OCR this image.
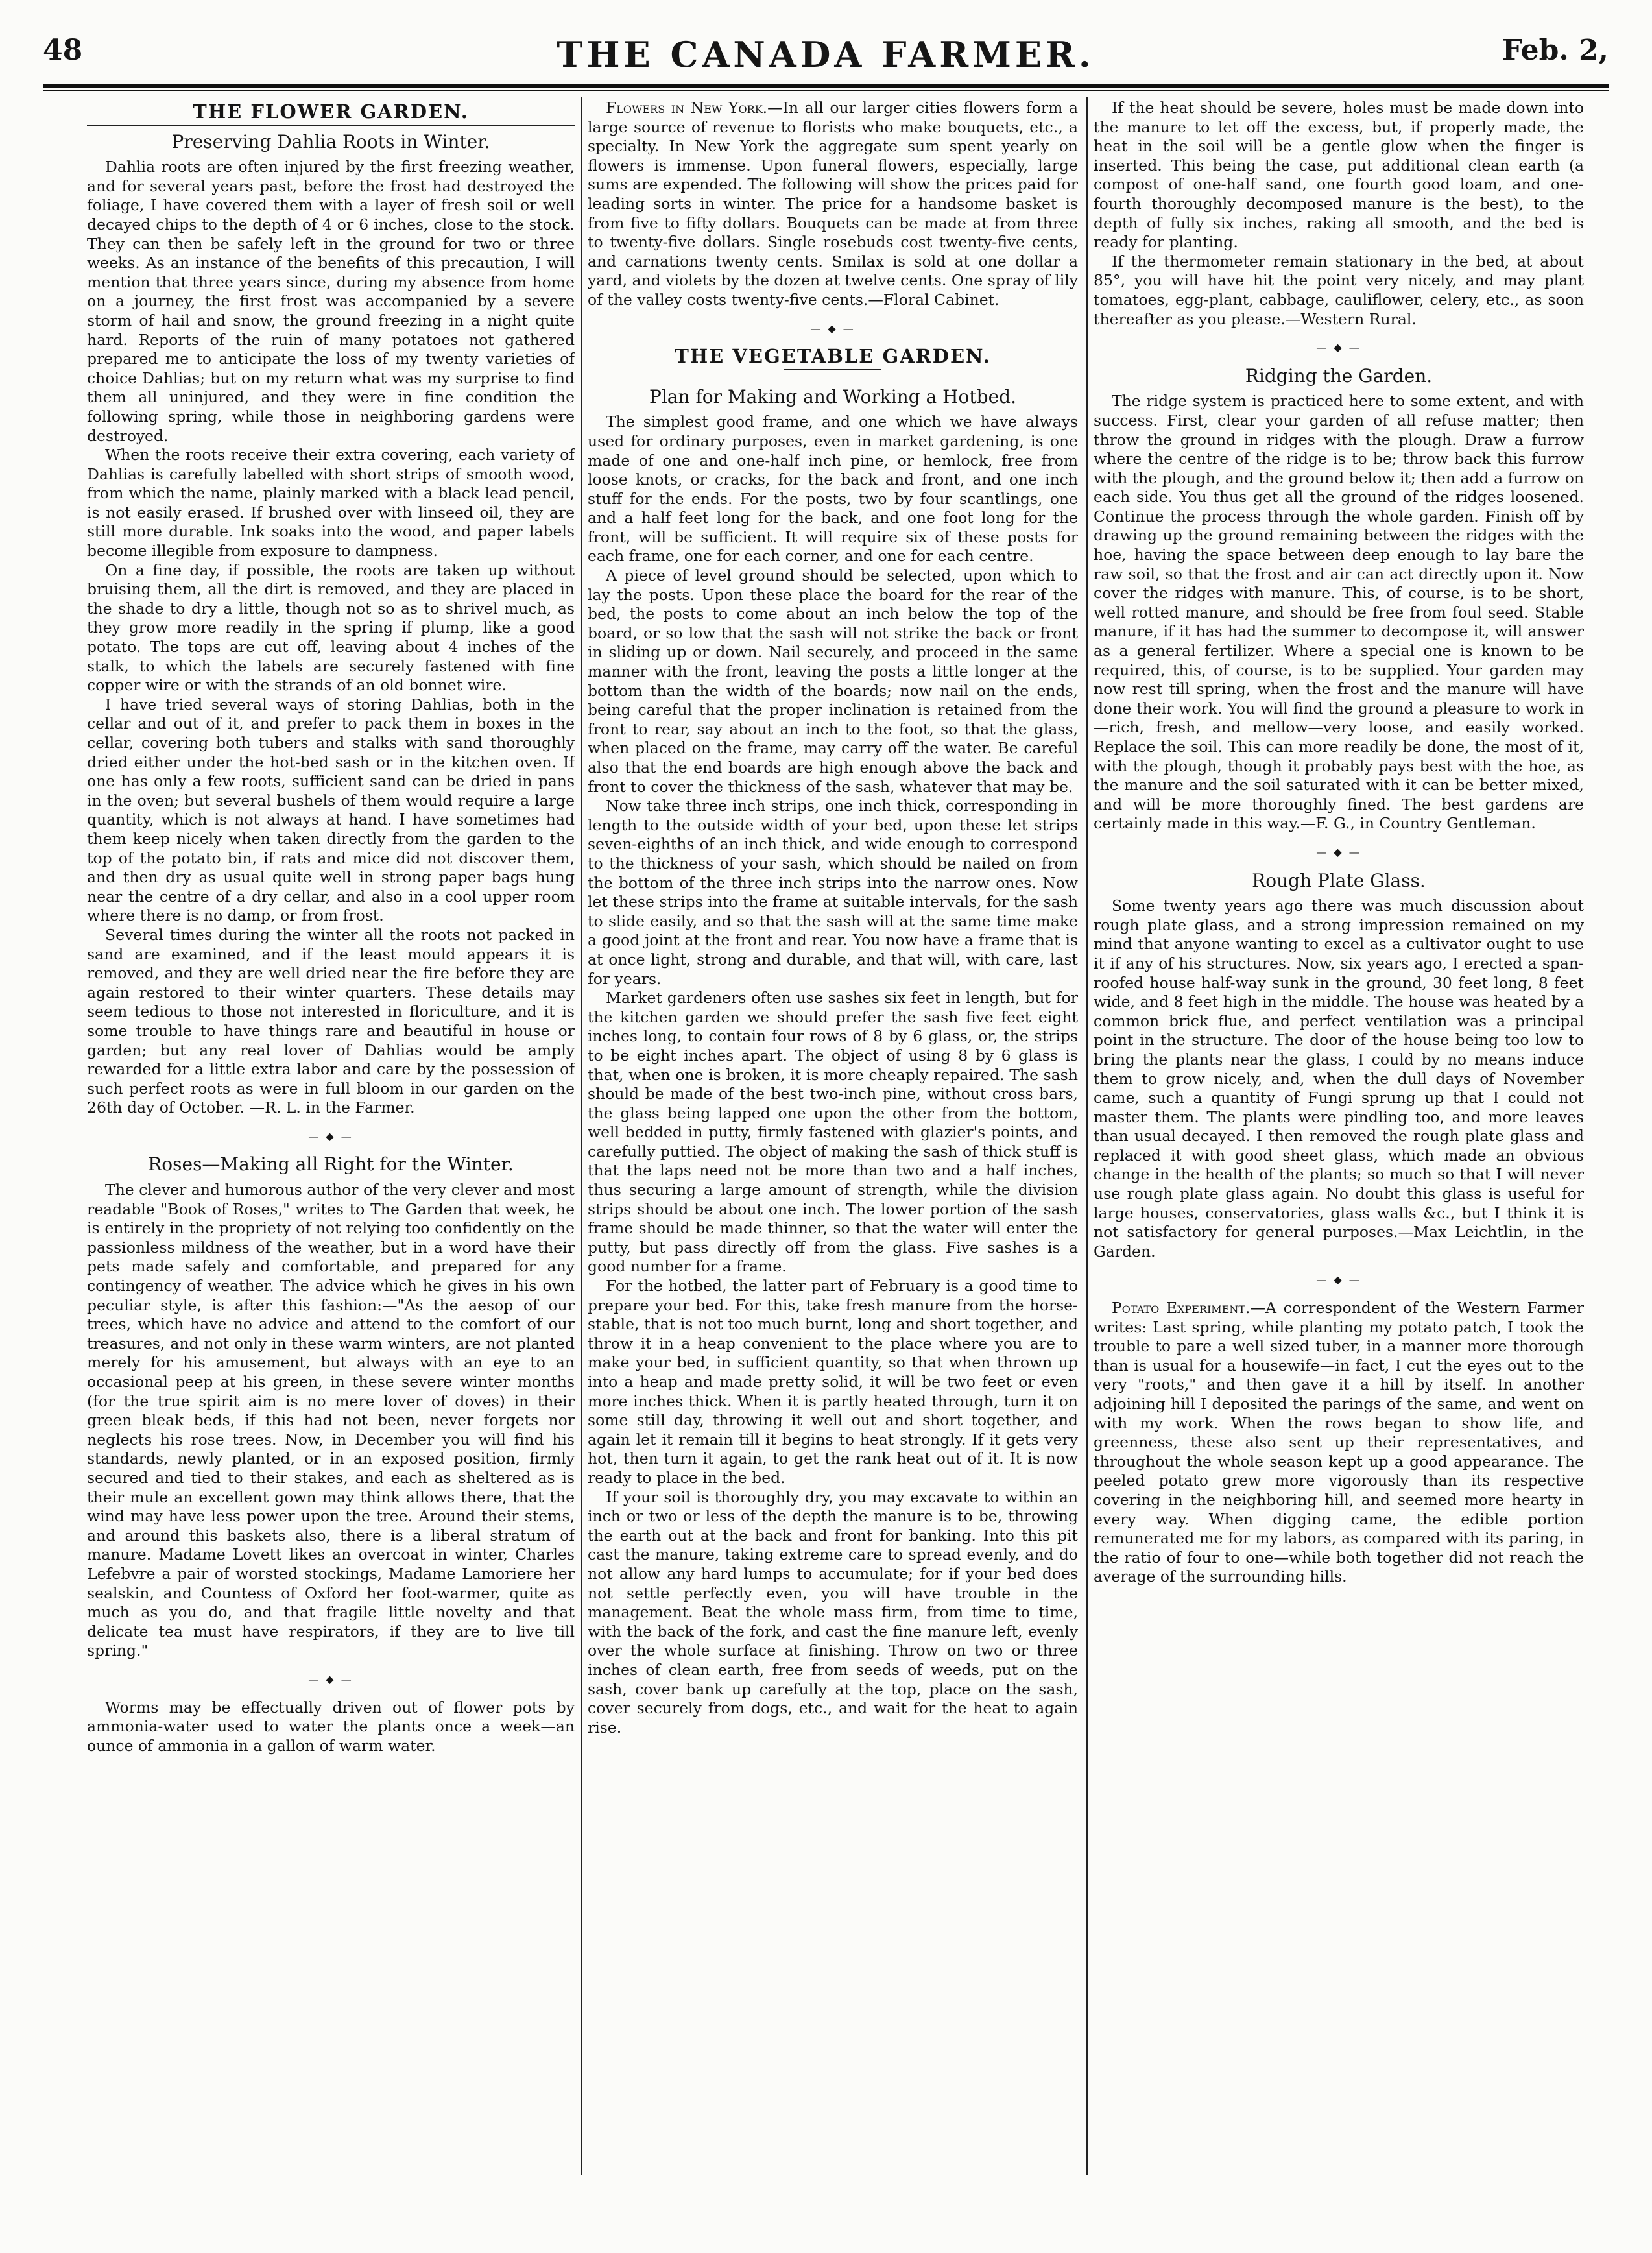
48	THE CANADA FARMER.	Feb. 2,
THE FLOWER GARDEN.
Preserving Dahlia Roots in Winter.

Dahlia roots are often injured by the first freezing weather, and for several years past, before the frost had destroyed the foliage, I have covered them with a layer of fresh soil or well decayed chips to the depth of 4 or 6 inches, close to the stock. They can then be safely left in the ground for two or three weeks. As an instance of the benefits of this precaution, I will mention that three years since, during my absence from home on a journey, the first frost was accompanied by a severe storm of hail and snow, the ground freezing in a night quite hard. Reports of the ruin of many potatoes not gathered prepared me to anticipate the loss of my twenty varieties of choice Dahlias; but on my return what was my surprise to find them all uninjured, and they were in fine condition the following spring, while those in neighboring gardens were destroyed.

When the roots receive their extra covering, each variety of Dahlias is carefully labelled with short strips of smooth wood, from which the name, plainly marked with a black lead pencil, is not easily erased. If brushed over with linseed oil, they are still more durable. Ink soaks into the wood, and paper labels become illegible from exposure to dampness.

On a fine day, if possible, the roots are taken up without bruising them, all the dirt is removed, and they are placed in the shade to dry a little, though not so as to shrivel much, as they grow more readily in the spring if plump, like a good potato. The tops are cut off, leaving about 4 inches of the stalk, to which the labels are securely fastened with fine copper wire or with the strands of an old bonnet wire.

I have tried several ways of storing Dahlias, both in the cellar and out of it, and prefer to pack them in boxes in the cellar, covering both tubers and stalks with sand thoroughly dried either under the hot-bed sash or in the kitchen oven. If one has only a few roots, sufficient sand can be dried in pans in the oven; but several bushels of them would require a large quantity, which is not always at hand. I have sometimes had them keep nicely when taken directly from the garden to the top of the potato bin, if rats and mice did not discover them, and then dry as usual quite well in strong paper bags hung near the centre of a dry cellar, and also in a cool upper room where there is no damp, or from frost.

Several times during the winter all the roots not packed in sand are examined, and if the least mould appears it is removed, and they are well dried near the fire before they are again restored to their winter quarters. These details may seem tedious to those not interested in floriculture, and it is some trouble to have things rare and beautiful in house or garden; but any real lover of Dahlias would be amply rewarded for a little extra labor and care by the possession of such perfect roots as were in full bloom in our garden on the 26th day of October. —R. L. in the Farmer.

— ◆ —
Roses—Making all Right for the Winter.

The clever and humorous author of the very clever and most readable "Book of Roses," writes to The Garden that week, he is entirely in the propriety of not relying too confidently on the passionless mildness of the weather, but in a word have their pets made safely and comfortable, and prepared for any contingency of weather. The advice which he gives in his own peculiar style, is after this fashion:—"As the aesop of our trees, which have no advice and attend to the comfort of our treasures, and not only in these warm winters, are not planted merely for his amusement, but always with an eye to an occasional peep at his green, in these severe winter months (for the true spirit aim is no mere lover of doves) in their green bleak beds, if this had not been, never forgets nor neglects his rose trees. Now, in December you will find his standards, newly planted, or in an exposed position, firmly secured and tied to their stakes, and each as sheltered as is their mule an excellent gown may think allows there, that the wind may have less power upon the tree. Around their stems, and around this baskets also, there is a liberal stratum of manure. Madame Lovett likes an overcoat in winter, Charles Lefebvre a pair of worsted stockings, Madame Lamoriere her sealskin, and Countess of Oxford her foot-warmer, quite as much as you do, and that fragile little novelty and that delicate tea must have respirators, if they are to live till spring."

— ◆ —

Worms may be effectually driven out of flower pots by ammonia-water used to water the plants once a week—an ounce of ammonia in a gallon of warm water.

Flowers in New York.—In all our larger cities flowers form a large source of revenue to florists who make bouquets, etc., a specialty. In New York the aggregate sum spent yearly on flowers is immense. Upon funeral flowers, especially, large sums are expended. The following will show the prices paid for leading sorts in winter. The price for a handsome basket is from five to fifty dollars. Bouquets can be made at from three to twenty-five dollars. Single rosebuds cost twenty-five cents, and carnations twenty cents. Smilax is sold at one dollar a yard, and violets by the dozen at twelve cents. One spray of lily of the valley costs twenty-five cents.—Floral Cabinet.

— ◆ —
THE VEGETABLE GARDEN.
Plan for Making and Working a Hotbed.

The simplest good frame, and one which we have always used for ordinary purposes, even in market gardening, is one made of one and one-half inch pine, or hemlock, free from loose knots, or cracks, for the back and front, and one inch stuff for the ends. For the posts, two by four scantlings, one and a half feet long for the back, and one foot long for the front, will be sufficient. It will require six of these posts for each frame, one for each corner, and one for each centre.

A piece of level ground should be selected, upon which to lay the posts. Upon these place the board for the rear of the bed, the posts to come about an inch below the top of the board, or so low that the sash will not strike the back or front in sliding up or down. Nail securely, and proceed in the same manner with the front, leaving the posts a little longer at the bottom than the width of the boards; now nail on the ends, being careful that the proper inclination is retained from the front to rear, say about an inch to the foot, so that the glass, when placed on the frame, may carry off the water. Be careful also that the end boards are high enough above the back and front to cover the thickness of the sash, whatever that may be.

Now take three inch strips, one inch thick, corresponding in length to the outside width of your bed, upon these let strips seven-eighths of an inch thick, and wide enough to correspond to the thickness of your sash, which should be nailed on from the bottom of the three inch strips into the narrow ones. Now let these strips into the frame at suitable intervals, for the sash to slide easily, and so that the sash will at the same time make a good joint at the front and rear. You now have a frame that is at once light, strong and durable, and that will, with care, last for years.

Market gardeners often use sashes six feet in length, but for the kitchen garden we should prefer the sash five feet eight inches long, to contain four rows of 8 by 6 glass, or, the strips to be eight inches apart. The object of using 8 by 6 glass is that, when one is broken, it is more cheaply repaired. The sash should be made of the best two-inch pine, without cross bars, the glass being lapped one upon the other from the bottom, well bedded in putty, firmly fastened with glazier's points, and carefully puttied. The object of making the sash of thick stuff is that the laps need not be more than two and a half inches, thus securing a large amount of strength, while the division strips should be about one inch. The lower portion of the sash frame should be made thinner, so that the water will enter the putty, but pass directly off from the glass. Five sashes is a good number for a frame.

For the hotbed, the latter part of February is a good time to prepare your bed. For this, take fresh manure from the horse-stable, that is not too much burnt, long and short together, and throw it in a heap convenient to the place where you are to make your bed, in sufficient quantity, so that when thrown up into a heap and made pretty solid, it will be two feet or even more inches thick. When it is partly heated through, turn it on some still day, throwing it well out and short together, and again let it remain till it begins to heat strongly. If it gets very hot, then turn it again, to get the rank heat out of it. It is now ready to place in the bed.

If your soil is thoroughly dry, you may excavate to within an inch or two or less of the depth the manure is to be, throwing the earth out at the back and front for banking. Into this pit cast the manure, taking extreme care to spread evenly, and do not allow any hard lumps to accumulate; for if your bed does not settle perfectly even, you will have trouble in the management. Beat the whole mass firm, from time to time, with the back of the fork, and cast the fine manure left, evenly over the whole surface at finishing. Throw on two or three inches of clean earth, free from seeds of weeds, put on the sash, cover bank up carefully at the top, place on the sash, cover securely from dogs, etc., and wait for the heat to again rise.

If the heat should be severe, holes must be made down into the manure to let off the excess, but, if properly made, the heat in the soil will be a gentle glow when the finger is inserted. This being the case, put additional clean earth (a compost of one-half sand, one fourth good loam, and one-fourth thoroughly decomposed manure is the best), to the depth of fully six inches, raking all smooth, and the bed is ready for planting.

If the thermometer remain stationary in the bed, at about 85°, you will have hit the point very nicely, and may plant tomatoes, egg-plant, cabbage, cauliflower, celery, etc., as soon thereafter as you please.—Western Rural.

— ◆ —
Ridging the Garden.

The ridge system is practiced here to some extent, and with success. First, clear your garden of all refuse matter; then throw the ground in ridges with the plough. Draw a furrow where the centre of the ridge is to be; throw back this furrow with the plough, and the ground below it; then add a furrow on each side. You thus get all the ground of the ridges loosened. Continue the process through the whole garden. Finish off by drawing up the ground remaining between the ridges with the hoe, having the space between deep enough to lay bare the raw soil, so that the frost and air can act directly upon it. Now cover the ridges with manure. This, of course, is to be short, well rotted manure, and should be free from foul seed. Stable manure, if it has had the summer to decompose it, will answer as a general fertilizer. Where a special one is known to be required, this, of course, is to be supplied. Your garden may now rest till spring, when the frost and the manure will have done their work. You will find the ground a pleasure to work in—rich, fresh, and mellow—very loose, and easily worked. Replace the soil. This can more readily be done, the most of it, with the plough, though it probably pays best with the hoe, as the manure and the soil saturated with it can be better mixed, and will be more thoroughly fined. The best gardens are certainly made in this way.—F. G., in Country Gentleman.

— ◆ —
Rough Plate Glass.

Some twenty years ago there was much discussion about rough plate glass, and a strong impression remained on my mind that anyone wanting to excel as a cultivator ought to use it if any of his structures. Now, six years ago, I erected a span-roofed house half-way sunk in the ground, 30 feet long, 8 feet wide, and 8 feet high in the middle. The house was heated by a common brick flue, and perfect ventilation was a principal point in the structure. The door of the house being too low to bring the plants near the glass, I could by no means induce them to grow nicely, and, when the dull days of November came, such a quantity of Fungi sprung up that I could not master them. The plants were pindling too, and more leaves than usual decayed. I then removed the rough plate glass and replaced it with good sheet glass, which made an obvious change in the health of the plants; so much so that I will never use rough plate glass again. No doubt this glass is useful for large houses, conservatories, glass walls &c., but I think it is not satisfactory for general purposes.—Max Leichtlin, in the Garden.

— ◆ —

Potato Experiment.—A correspondent of the Western Farmer writes: Last spring, while planting my potato patch, I took the trouble to pare a well sized tuber, in a manner more thorough than is usual for a housewife—in fact, I cut the eyes out to the very "roots," and then gave it a hill by itself. In another adjoining hill I deposited the parings of the same, and went on with my work. When the rows began to show life, and greenness, these also sent up their representatives, and throughout the whole season kept up a good appearance. The peeled potato grew more vigorously than its respective covering in the neighboring hill, and seemed more hearty in every way. When digging came, the edible portion remunerated me for my labors, as compared with its paring, in the ratio of four to one—while both together did not reach the average of the surrounding hills.
